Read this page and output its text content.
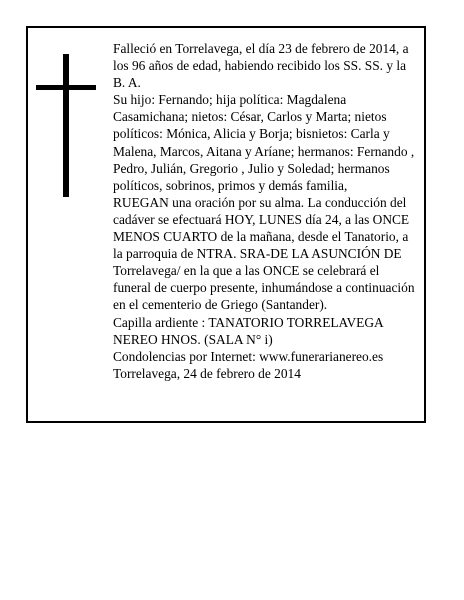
Falleció en Torrelavega, el día 23 de febrero de 2014, a los 96 años de edad, habiendo recibido los SS. SS. y la B. A.

Su hijo: Fernando; hija política: Magdalena Casamichana; nietos: César, Carlos y Marta; nietos políticos: Mónica, Alicia y Borja; bisnietos: Carla y Malena, Marcos, Aitana y Aríane; hermanos: Fernando , Pedro, Julián, Gregorio , Julio y Soledad; hermanos políticos, sobrinos, primos y demás familia,

RUEGAN una oración por su alma. La conducción del cadáver se efectuará HOY, LUNES día 24, a las ONCE MENOS CUARTO de la mañana, desde el Tanatorio, a la parroquia de NTRA. SRA-DE LA ASUNCIÓN DE Torrelavega/ en la que a las ONCE se celebrará el funeral de cuerpo presente, inhumándose a continuación en el cementerio de Griego (Santander).

Capilla ardiente : TANATORIO TORRELAVEGA NEREO HNOS. (SALA N° i)

Condolencias por Internet: www.funerarianereo.es

Torrelavega, 24 de febrero de 2014
